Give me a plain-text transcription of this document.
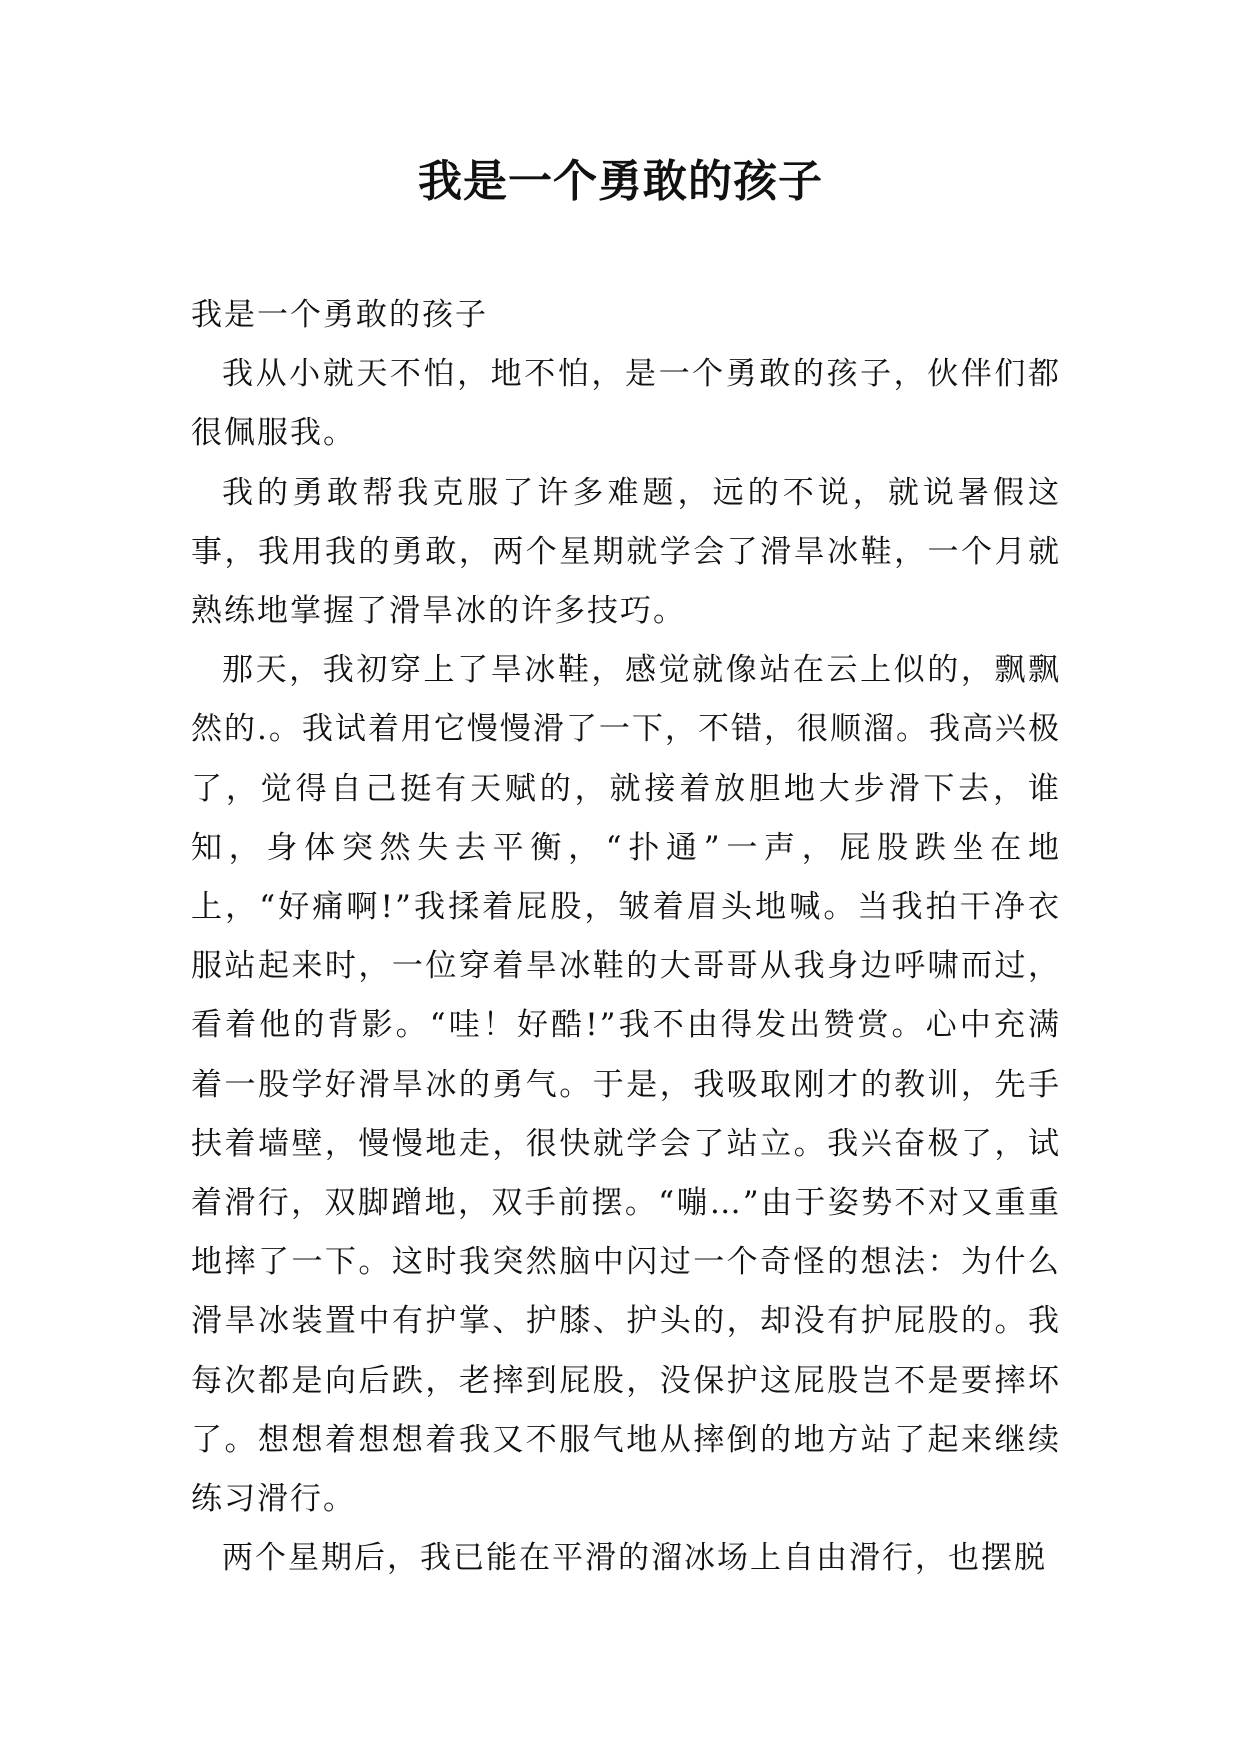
我是一个勇敢的孩子

我是一个勇敢的孩子

我从小就天不怕，地不怕，是一个勇敢的孩子，伙伴们都很佩服我。

我的勇敢帮我克服了许多难题，远的不说，就说暑假这事，我用我的勇敢，两个星期就学会了滑旱冰鞋，一个月就熟练地掌握了滑旱冰的许多技巧。

那天，我初穿上了旱冰鞋，感觉就像站在云上似的，飘飘然的.。我试着用它慢慢滑了一下，不错，很顺溜。我高兴极了，觉得自己挺有天赋的，就接着放胆地大步滑下去，谁知，身体突然失去平衡，“扑通”一声，屁股跌坐在地上，“好痛啊!”我揉着屁股，皱着眉头地喊。当我拍干净衣服站起来时，一位穿着旱冰鞋的大哥哥从我身边呼啸而过，看着他的背影。“哇！好酷!”我不由得发出赞赏。心中充满着一股学好滑旱冰的勇气。于是，我吸取刚才的教训，先手扶着墙壁，慢慢地走，很快就学会了站立。我兴奋极了，试着滑行，双脚蹭地，双手前摆。“嘣…”由于姿势不对又重重地摔了一下。这时我突然脑中闪过一个奇怪的想法：为什么滑旱冰装置中有护掌、护膝、护头的，却没有护屁股的。我每次都是向后跌，老摔到屁股，没保护这屁股岂不是要摔坏了。想想着想想着我又不服气地从摔倒的地方站了起来继续练习滑行。

两个星期后，我已能在平滑的溜冰场上自由滑行，也摆脱
